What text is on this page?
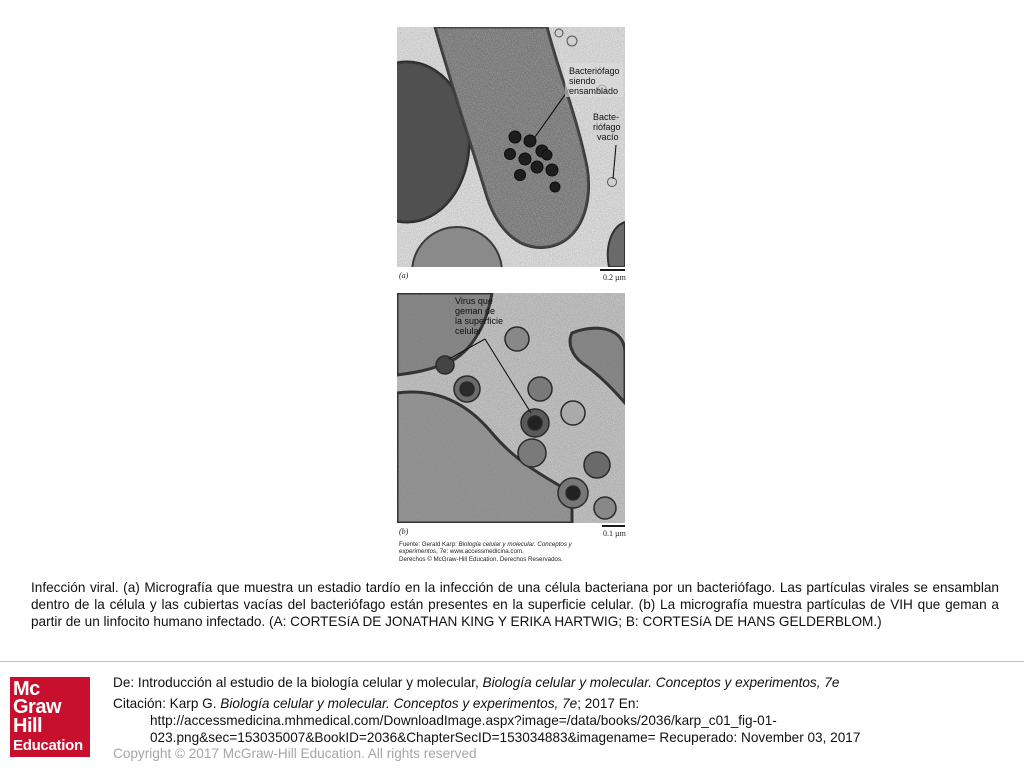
Bacteriófago
siendo
ensamblado
Bacte-
riófago
vacío
(a)	0.2 µm
Virus que
geman de
la superficie
celular
(b)	0.1 µm
Fuente: Gerald Karp: Biología celular y molecular. Conceptos y
experimentos, 7e: www.accessmedicina.com.
Derechos © McGraw-Hill Education. Derechos Reservados.
Infección viral. (a) Micrografía que muestra un estadio tardío en la infección de una célula bacteriana por un bacteriófago. Las partículas virales se ensamblan dentro de la célula y las cubiertas vacías del bacteriófago están presentes en la superficie celular. (b) La micrografía muestra partículas de VIH que geman a partir de un linfocito humano infectado. (A: CORTESíA DE JONATHAN KING Y ERIKA HARTWIG; B: CORTESíA DE HANS GELDERBLOM.)
Mc
Graw
Hill
Education
De: Introducción al estudio de la biología celular y molecular, Biología celular y molecular. Conceptos y experimentos, 7e
Citación: Karp G. Biología celular y molecular. Conceptos y experimentos, 7e; 2017 En:
http://accessmedicina.mhmedical.com/DownloadImage.aspx?image=/data/books/2036/karp_c01_fig-01-
023.png&sec=153035007&BookID=2036&ChapterSecID=153034883&imagename= Recuperado: November 03, 2017
Copyright © 2017 McGraw-Hill Education. All rights reserved
